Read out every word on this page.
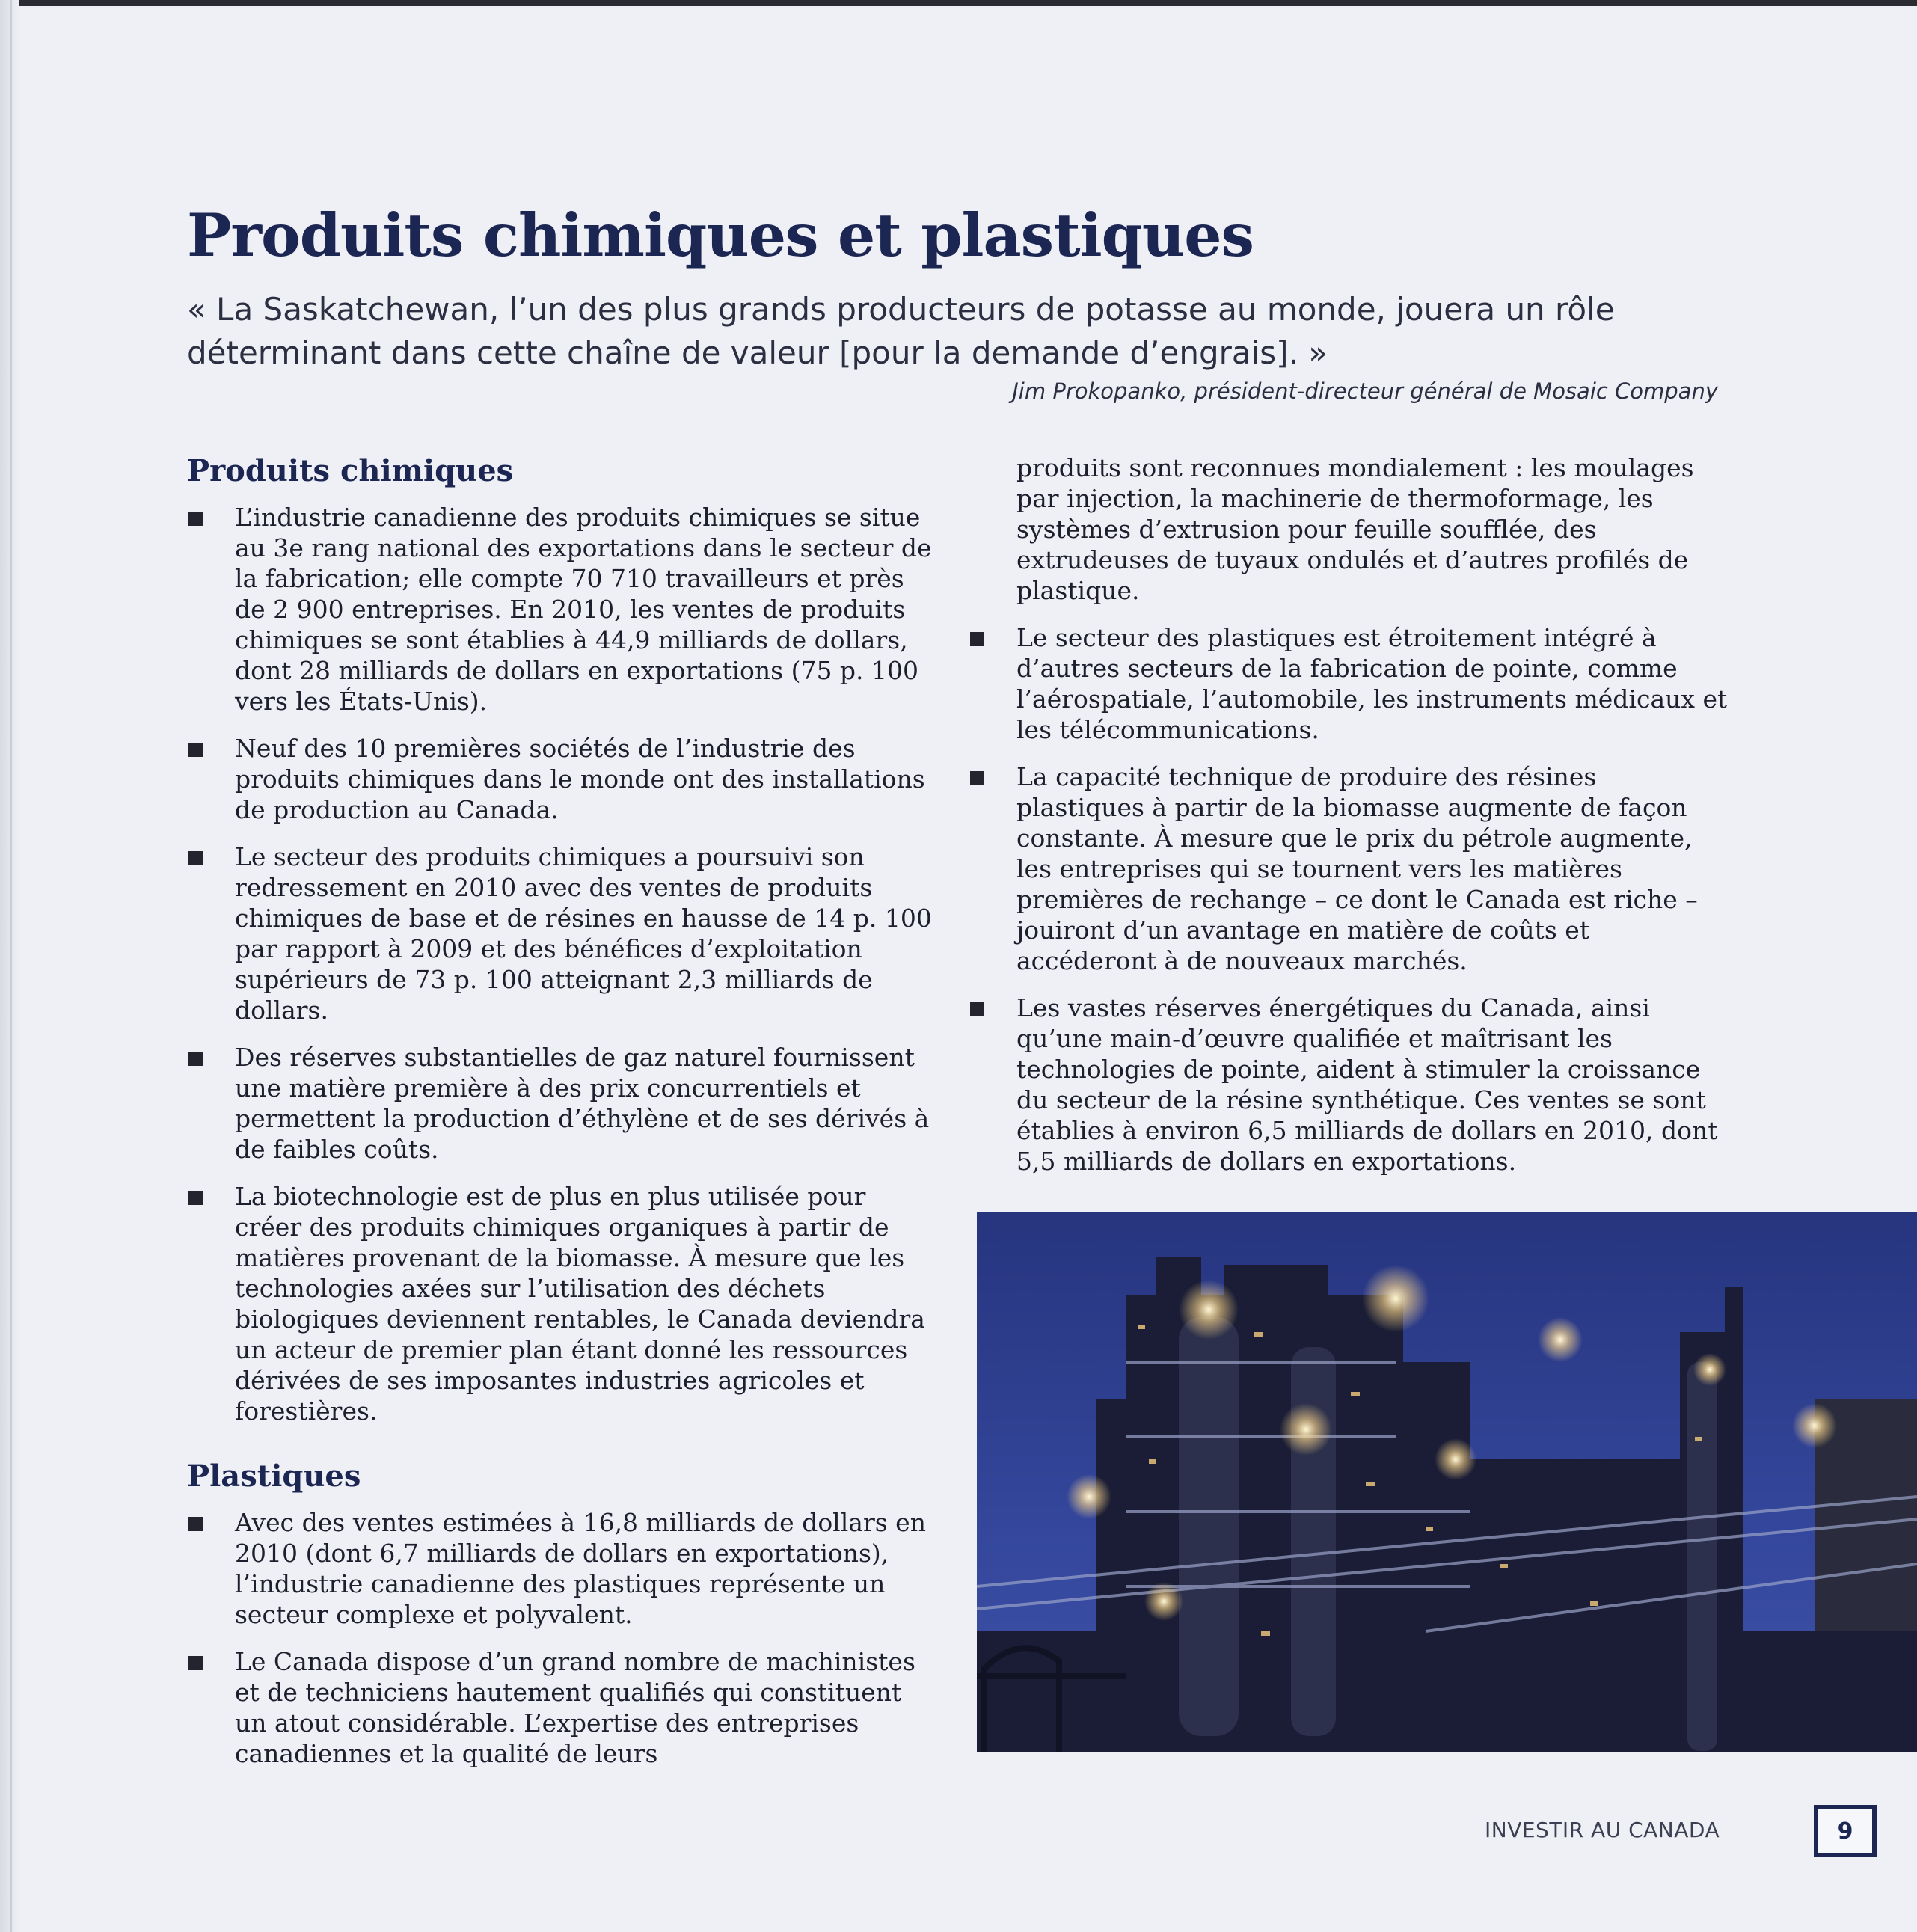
Produits chimiques et plastiques

« La Saskatchewan, l’un des plus grands producteurs de potasse au monde, jouera un rôle déterminant dans cette chaîne de valeur [pour la demande d’engrais]. »

Jim Prokopanko, président-directeur général de Mosaic Company

Produits chimiques
L’industrie canadienne des produits chimiques se situe au 3e rang national des exportations dans le secteur de la fabrication; elle compte 70 710 travailleurs et près de 2 900 entreprises. En 2010, les ventes de produits chimiques se sont établies à 44,9 milliards de dollars, dont 28 milliards de dollars en exportations (75 p. 100 vers les États-Unis).
Neuf des 10 premières sociétés de l’industrie des produits chimiques dans le monde ont des installations de production au Canada.
Le secteur des produits chimiques a poursuivi son redressement en 2010 avec des ventes de produits chimiques de base et de résines en hausse de 14 p. 100 par rapport à 2009 et des bénéfices d’exploitation supérieurs de 73 p. 100 atteignant 2,3 milliards de dollars.
Des réserves substantielles de gaz naturel fournissent une matière première à des prix concurrentiels et permettent la production d’éthylène et de ses dérivés à de faibles coûts.
La biotechnologie est de plus en plus utilisée pour créer des produits chimiques organiques à partir de matières provenant de la biomasse. À mesure que les technologies axées sur l’utilisation des déchets biologiques deviennent rentables, le Canada deviendra un acteur de premier plan étant donné les ressources dérivées de ses imposantes industries agricoles et forestières.
Plastiques
Avec des ventes estimées à 16,8 milliards de dollars en 2010 (dont 6,7 milliards de dollars en exportations), l’industrie canadienne des plastiques représente un secteur complexe et polyvalent.
Le Canada dispose d’un grand nombre de machinistes et de techniciens hautement qualifiés qui constituent un atout considérable. L’expertise des entreprises canadiennes et la qualité de leurs

produits sont reconnues mondialement : les moulages par injection, la machinerie de thermoformage, les systèmes d’extrusion pour feuille soufflée, des extrudeuses de tuyaux ondulés et d’autres profilés de plastique.

Le secteur des plastiques est étroitement intégré à d’autres secteurs de la fabrication de pointe, comme l’aérospatiale, l’automobile, les instruments médicaux et les télécommunications.
La capacité technique de produire des résines plastiques à partir de la biomasse augmente de façon constante. À mesure que le prix du pétrole augmente, les entreprises qui se tournent vers les matières premières de rechange – ce dont le Canada est riche – jouiront d’un avantage en matière de coûts et accéderont à de nouveaux marchés.
Les vastes réserves énergétiques du Canada, ainsi qu’une main-d’œuvre qualifiée et maîtrisant les technologies de pointe, aident à stimuler la croissance du secteur de la résine synthétique. Ces ventes se sont établies à environ 6,5 milliards de dollars en 2010, dont 5,5 milliards de dollars en exportations.
INVESTIR AU CANADA	9
